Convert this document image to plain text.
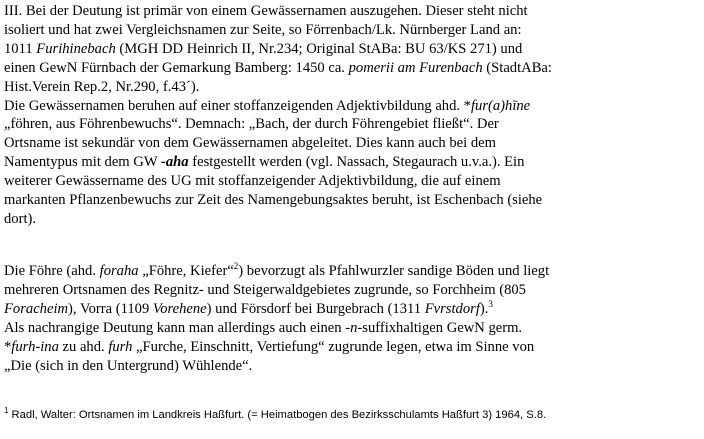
III. Bei der Deutung ist primär von einem Gewässernamen auszugehen. Dieser steht nicht
isoliert und hat zwei Vergleichsnamen zur Seite, so Förrenbach/Lk. Nürnberger Land an:
1011 Furihinebach (MGH DD Heinrich II, Nr.234; Original StABa: BU 63/KS 271) und
einen GewN Fürnbach der Gemarkung Bamberg: 1450 ca. pomerii am Furenbach (StadtABa:
Hist.Verein Rep.2, Nr.290, f.43´).
Die Gewässernamen beruhen auf einer stoffanzeigenden Adjektivbildung ahd. *fur(a)hīne
„föhren, aus Föhrenbewuchs“. Demnach: „Bach, der durch Föhrengebiet fließt“. Der
Ortsname ist sekundär von dem Gewässernamen abgeleitet. Dies kann auch bei dem
Namentypus mit dem GW -aha festgestellt werden (vgl. Nassach, Stegaurach u.v.a.). Ein
weiterer Gewässername des UG mit stoffanzeigender Adjektivbildung, die auf einem
markanten Pflanzenbewuchs zur Zeit des Namengebungsaktes beruht, ist Eschenbach (siehe
dort).
Die Föhre (ahd. foraha „Föhre, Kiefer“$^2$) bevorzugt als Pfahlwurzler sandige Böden und liegt
mehreren Ortsnamen des Regnitz- und Steigerwaldgebietes zugrunde, so Forchheim (805
Foracheim), Vorra (1109 Vorehene) und Försdorf bei Burgebrach (1311 Fvrstdorf).$^3$
Als nachrangige Deutung kann man allerdings auch einen -n-suffixhaltigen GewN germ.
*furh-ina zu ahd. furh „Furche, Einschnitt, Vertiefung“ zugrunde legen, etwa im Sinne von
„Die (sich in den Untergrund) Wühlende“.
$^1$ Radl, Walter: Ortsnamen im Landkreis Haßfurt. (= Heimatbogen des Bezirksschulamts Haßfurt 3) 1964, S.8.
